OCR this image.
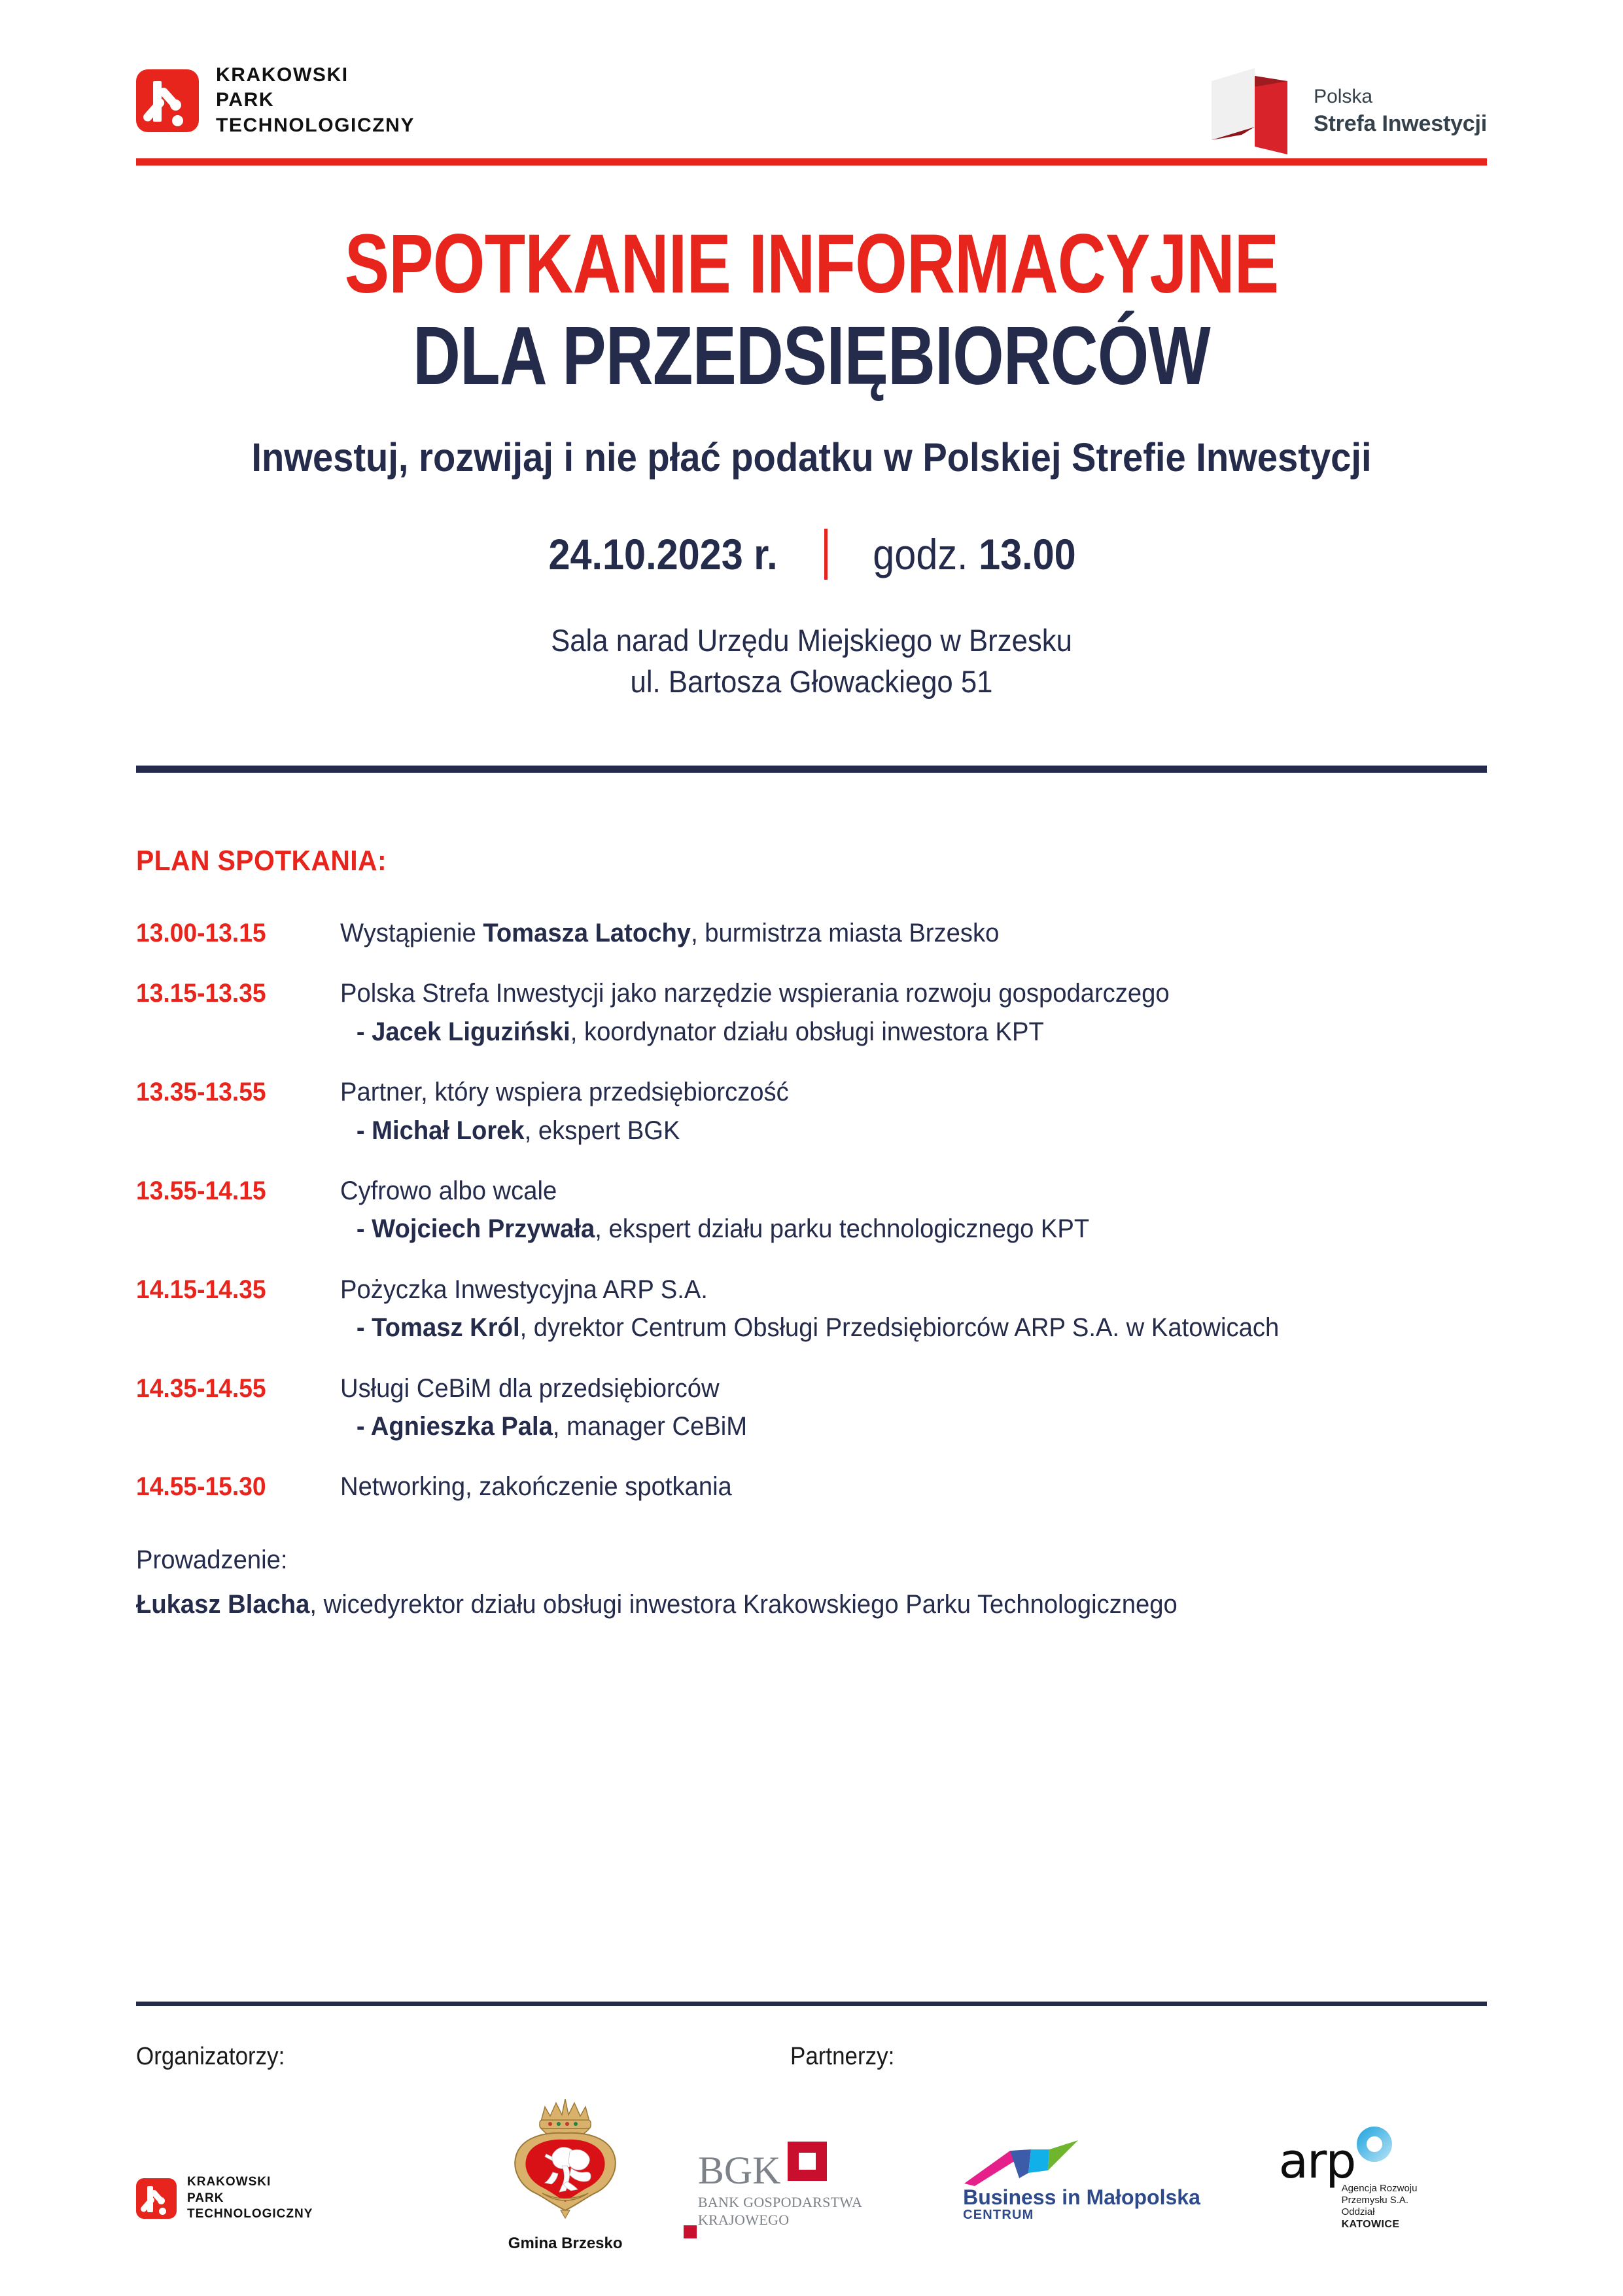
KRAKOWSKI
PARK
TECHNOLOGICZNY
Polska
Strefa Inwestycji
SPOTKANIE INFORMACYJNE
DLA PRZEDSIĘBIORCÓW
Inwestuj, rozwijaj i nie płać podatku w Polskiej Strefie Inwestycji
24.10.2023 r. godz. 13.00
Sala narad Urzędu Miejskiego w Brzesku
ul. Bartosza Głowackiego 51
PLAN SPOTKANIA:
13.00-13.15	Wystąpienie Tomasza Latochy, burmistrza miasta Brzesko
13.15-13.35	Polska Strefa Inwestycji jako narzędzie wspierania rozwoju gospodarczego
- Jacek Liguziński, koordynator działu obsługi inwestora KPT
13.35-13.55	Partner, który wspiera przedsiębiorczość
- Michał Lorek, ekspert BGK
13.55-14.15	Cyfrowo albo wcale
- Wojciech Przywała, ekspert działu parku technologicznego KPT
14.15-14.35	Pożyczka Inwestycyjna ARP S.A.
- Tomasz Król, dyrektor Centrum Obsługi Przedsiębiorców ARP S.A. w Katowicach
14.35-14.55	Usługi CeBiM dla przedsiębiorców
- Agnieszka Pala, manager CeBiM
14.55-15.30	Networking, zakończenie spotkania
Prowadzenie:
Łukasz Blacha, wicedyrektor działu obsługi inwestora Krakowskiego Parku Technologicznego
Organizatorzy:	Partnerzy:
KRAKOWSKI
PARK
TECHNOLOGICZNY
Gmina Brzesko
BGK
BANK GOSPODARSTWA
KRAJOWEGO
Business in Małopolska
CENTRUM
arp
Agencja Rozwoju
Przemysłu S.A.
Oddział
KATOWICE
